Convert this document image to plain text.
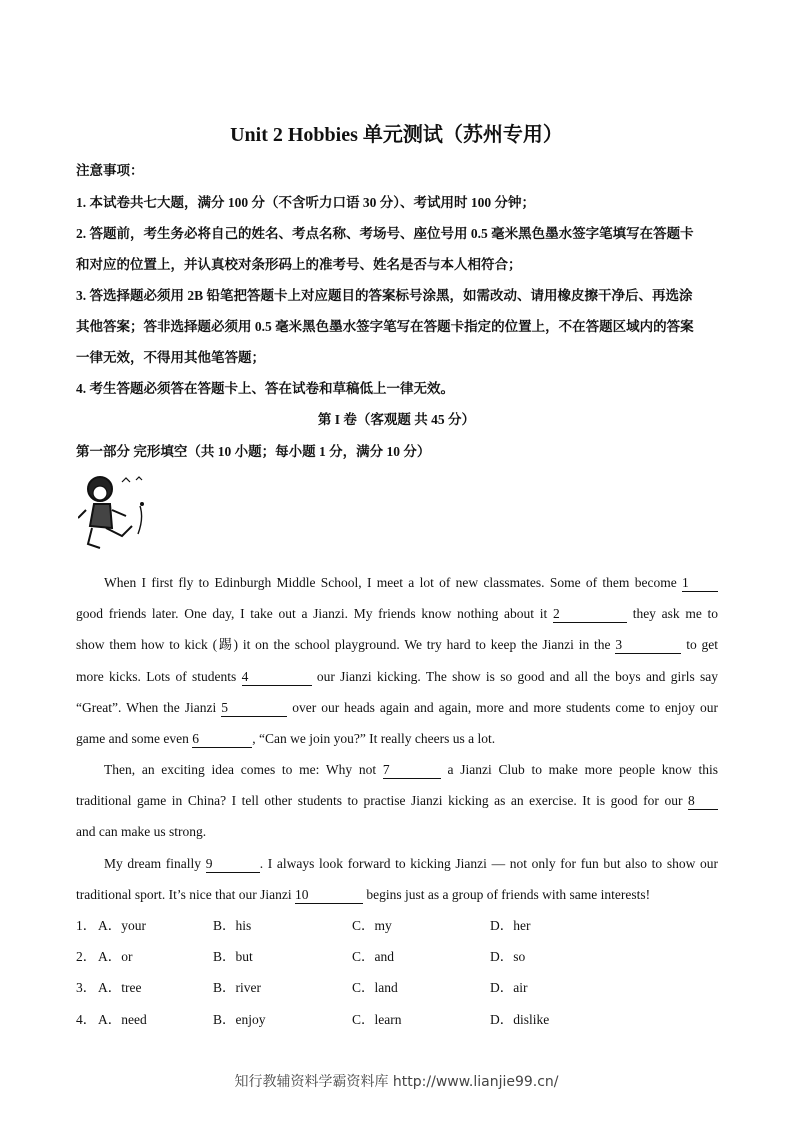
Unit 2 Hobbies 单元测试（苏州专用）
注意事项：
1. 本试卷共七大题，满分 100 分（不含听力口语 30 分）、考试用时 100 分钟；
2. 答题前，考生务必将自己的姓名、考点名称、考场号、座位号用 0.5 毫米黑色墨水签字笔填写在答题卡
和对应的位置上，并认真校对条形码上的准考号、姓名是否与本人相符合；
3. 答选择题必须用 2B 铅笔把答题卡上对应题目的答案标号涂黑，如需改动、请用橡皮擦干净后、再选涂
其他答案；答非选择题必须用 0.5 毫米黑色墨水签字笔写在答题卡指定的位置上，不在答题区域内的答案
一律无效，不得用其他笔答题；
4. 考生答题必须答在答题卡上、答在试卷和草稿低上一律无效。
第 I 卷（客观题 共 45 分）
第一部分 完形填空（共 10 小题；每小题 1 分，满分 10 分）
When I first fly to Edinburgh Middle School, I meet a lot of new classmates. Some of them become 1
good friends later. One day, I take out a Jianzi. My friends know nothing about it 2	they ask me to
show them how to kick (踢) it on the school playground. We try hard to keep the Jianzi in the 3	to get
more kicks. Lots of students 4	our Jianzi kicking. The show is so good and all the boys and girls say
“Great”. When the Jianzi 5	over our heads again and again, more and more students come to enjoy our
game and some even 6	, “Can we join you?” It really cheers us a lot.
Then, an exciting idea comes to me: Why not 7	a Jianzi Club to make more people know this
traditional game in China? I tell other students to practise Jianzi kicking as an exercise. It is good for our 8
and can make us strong.
My dream finally 9	. I always look forward to kicking Jianzi — not only for fun but also to show our
traditional sport. It’s nice that our Jianzi 10	begins just as a group of friends with same interests!
1． A．your	B．his	C．my	D．her
2． A．or	B．but	C．and	D．so
3． A．tree	B．river	C．land	D．air
4． A．need	B．enjoy	C．learn	D．dislike
知行教辅资料学霸资料库 http://www.lianjie99.cn/
